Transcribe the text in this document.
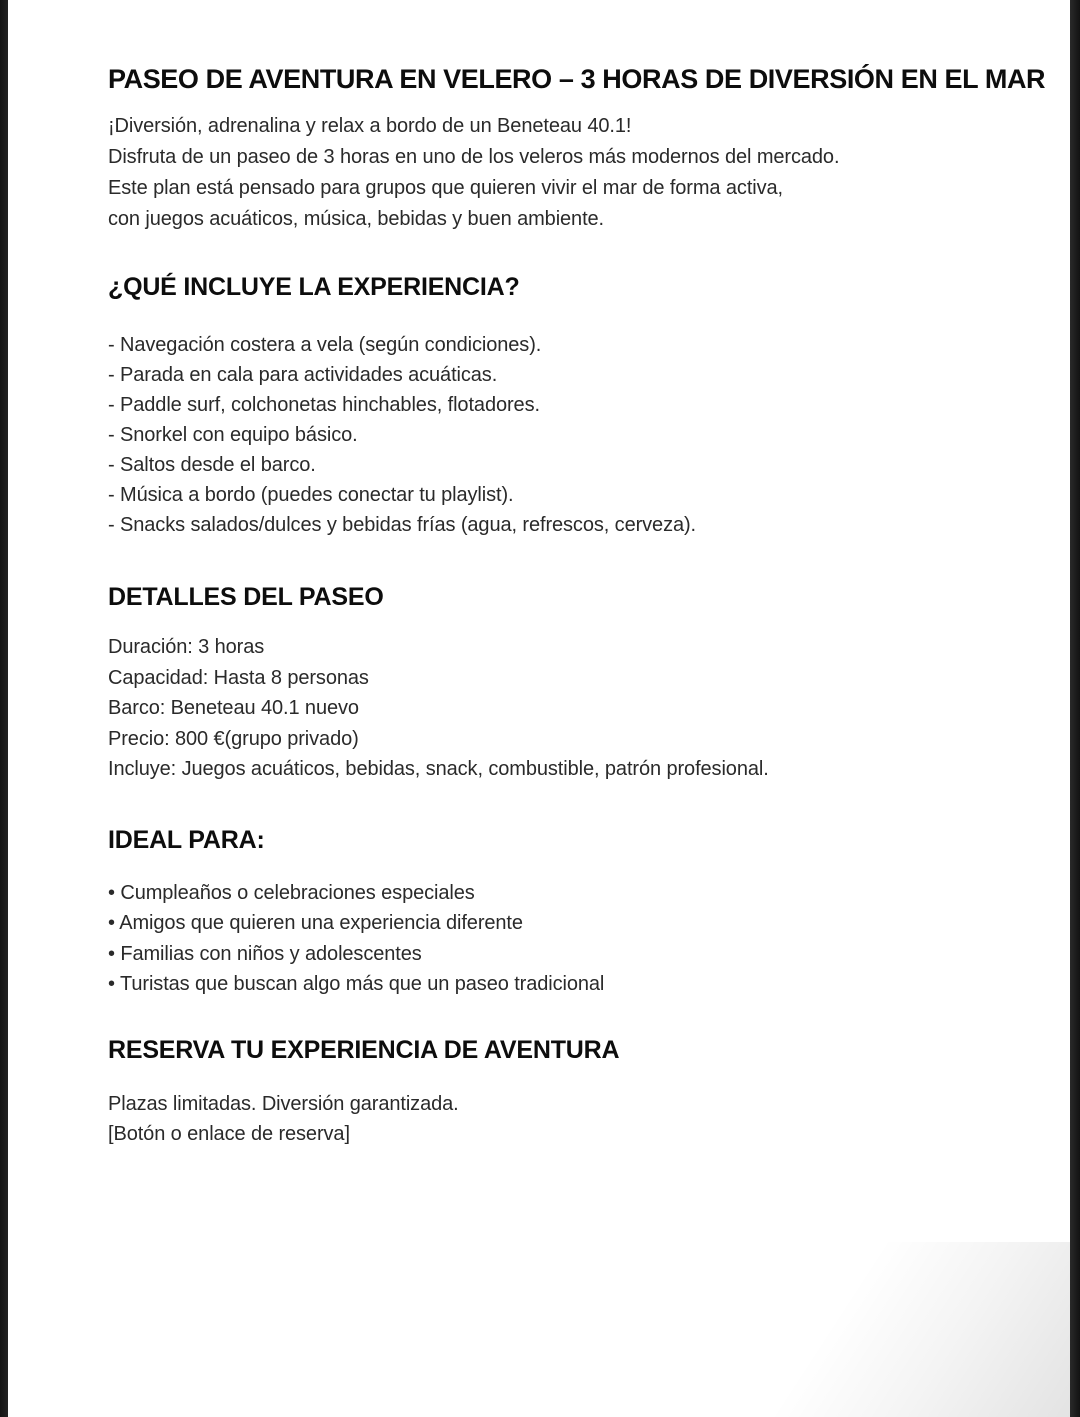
PASEO DE AVENTURA EN VELERO – 3 HORAS DE DIVERSIÓN EN EL MAR
¡Diversión, adrenalina y relax a bordo de un Beneteau 40.1!
Disfruta de un paseo de 3 horas en uno de los veleros más modernos del mercado.
Este plan está pensado para grupos que quieren vivir el mar de forma activa,
con juegos acuáticos, música, bebidas y buen ambiente.
¿QUÉ INCLUYE LA EXPERIENCIA?
- Navegación costera a vela (según condiciones).
- Parada en cala para actividades acuáticas.
- Paddle surf, colchonetas hinchables, flotadores.
- Snorkel con equipo básico.
- Saltos desde el barco.
- Música a bordo (puedes conectar tu playlist).
- Snacks salados/dulces y bebidas frías (agua, refrescos, cerveza).
DETALLES DEL PASEO
Duración: 3 horas
Capacidad: Hasta 8 personas
Barco: Beneteau 40.1 nuevo
Precio: 800 €(grupo privado)
Incluye: Juegos acuáticos, bebidas, snack, combustible, patrón profesional.
IDEAL PARA:
• Cumpleaños o celebraciones especiales
• Amigos que quieren una experiencia diferente
• Familias con niños y adolescentes
• Turistas que buscan algo más que un paseo tradicional
RESERVA TU EXPERIENCIA DE AVENTURA
Plazas limitadas. Diversión garantizada.
[Botón o enlace de reserva]
